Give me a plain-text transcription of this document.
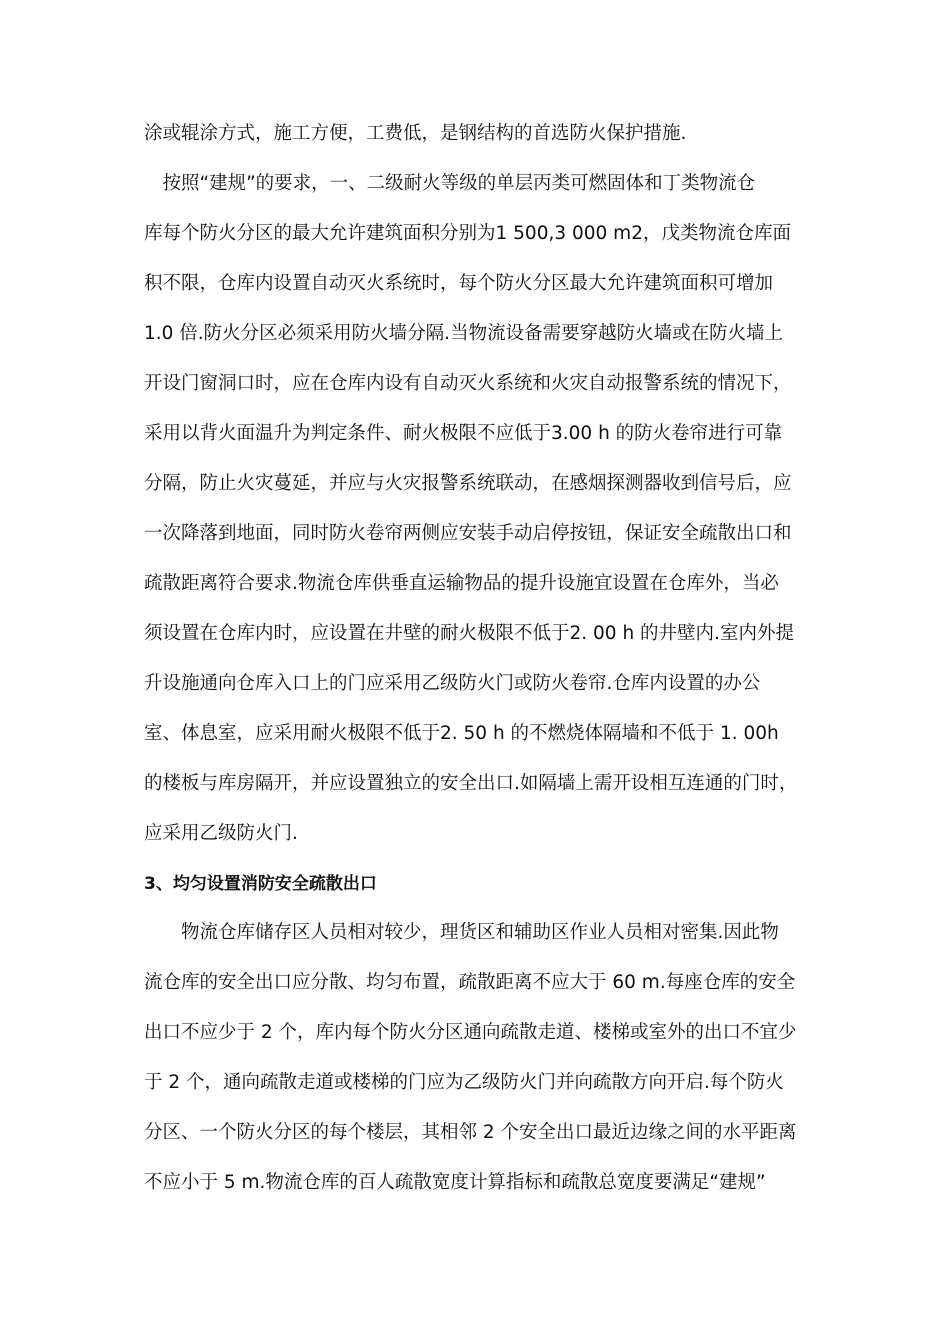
涂或辊涂方式，施工方便，工费低，是钢结构的首选防火保护措施.
　按照“建规”的要求，一、二级耐火等级的单层丙类可燃固体和丁类物流仓
库每个防火分区的最大允许建筑面积分别为1 500,3 000 m2，戊类物流仓库面
积不限，仓库内设置自动灭火系统时，每个防火分区最大允许建筑面积可增加
1.0 倍.防火分区必须采用防火墙分隔.当物流设备需要穿越防火墙或在防火墙上
开设门窗洞口时，应在仓库内设有自动灭火系统和火灾自动报警系统的情况下，
采用以背火面温升为判定条件、耐火极限不应低于3.00 h 的防火卷帘进行可靠
分隔，防止火灾蔓延，并应与火灾报警系统联动，在感烟探测器收到信号后，应
一次降落到地面，同时防火卷帘两侧应安装手动启停按钮，保证安全疏散出口和
疏散距离符合要求.物流仓库供垂直运输物品的提升设施宜设置在仓库外，当必
须设置在仓库内时，应设置在井壁的耐火极限不低于2. 00 h 的井壁内.室内外提
升设施通向仓库入口上的门应采用乙级防火门或防火卷帘.仓库内设置的办公
室、体息室，应采用耐火极限不低于2. 50 h 的不燃烧体隔墙和不低于 1. 00h
的楼板与库房隔开，并应设置独立的安全出口.如隔墙上需开设相互连通的门时，
应采用乙级防火门.
3、均匀设置消防安全疏散出口
　　物流仓库储存区人员相对较少，理货区和辅助区作业人员相对密集.因此物
流仓库的安全出口应分散、均匀布置，疏散距离不应大于 60 m.每座仓库的安全
出口不应少于 2 个，库内每个防火分区通向疏散走道、楼梯或室外的出口不宜少
于 2 个，通向疏散走道或楼梯的门应为乙级防火门并向疏散方向开启.每个防火
分区、一个防火分区的每个楼层，其相邻 2 个安全出口最近边缘之间的水平距离
不应小于 5 m.物流仓库的百人疏散宽度计算指标和疏散总宽度要满足“建规”
